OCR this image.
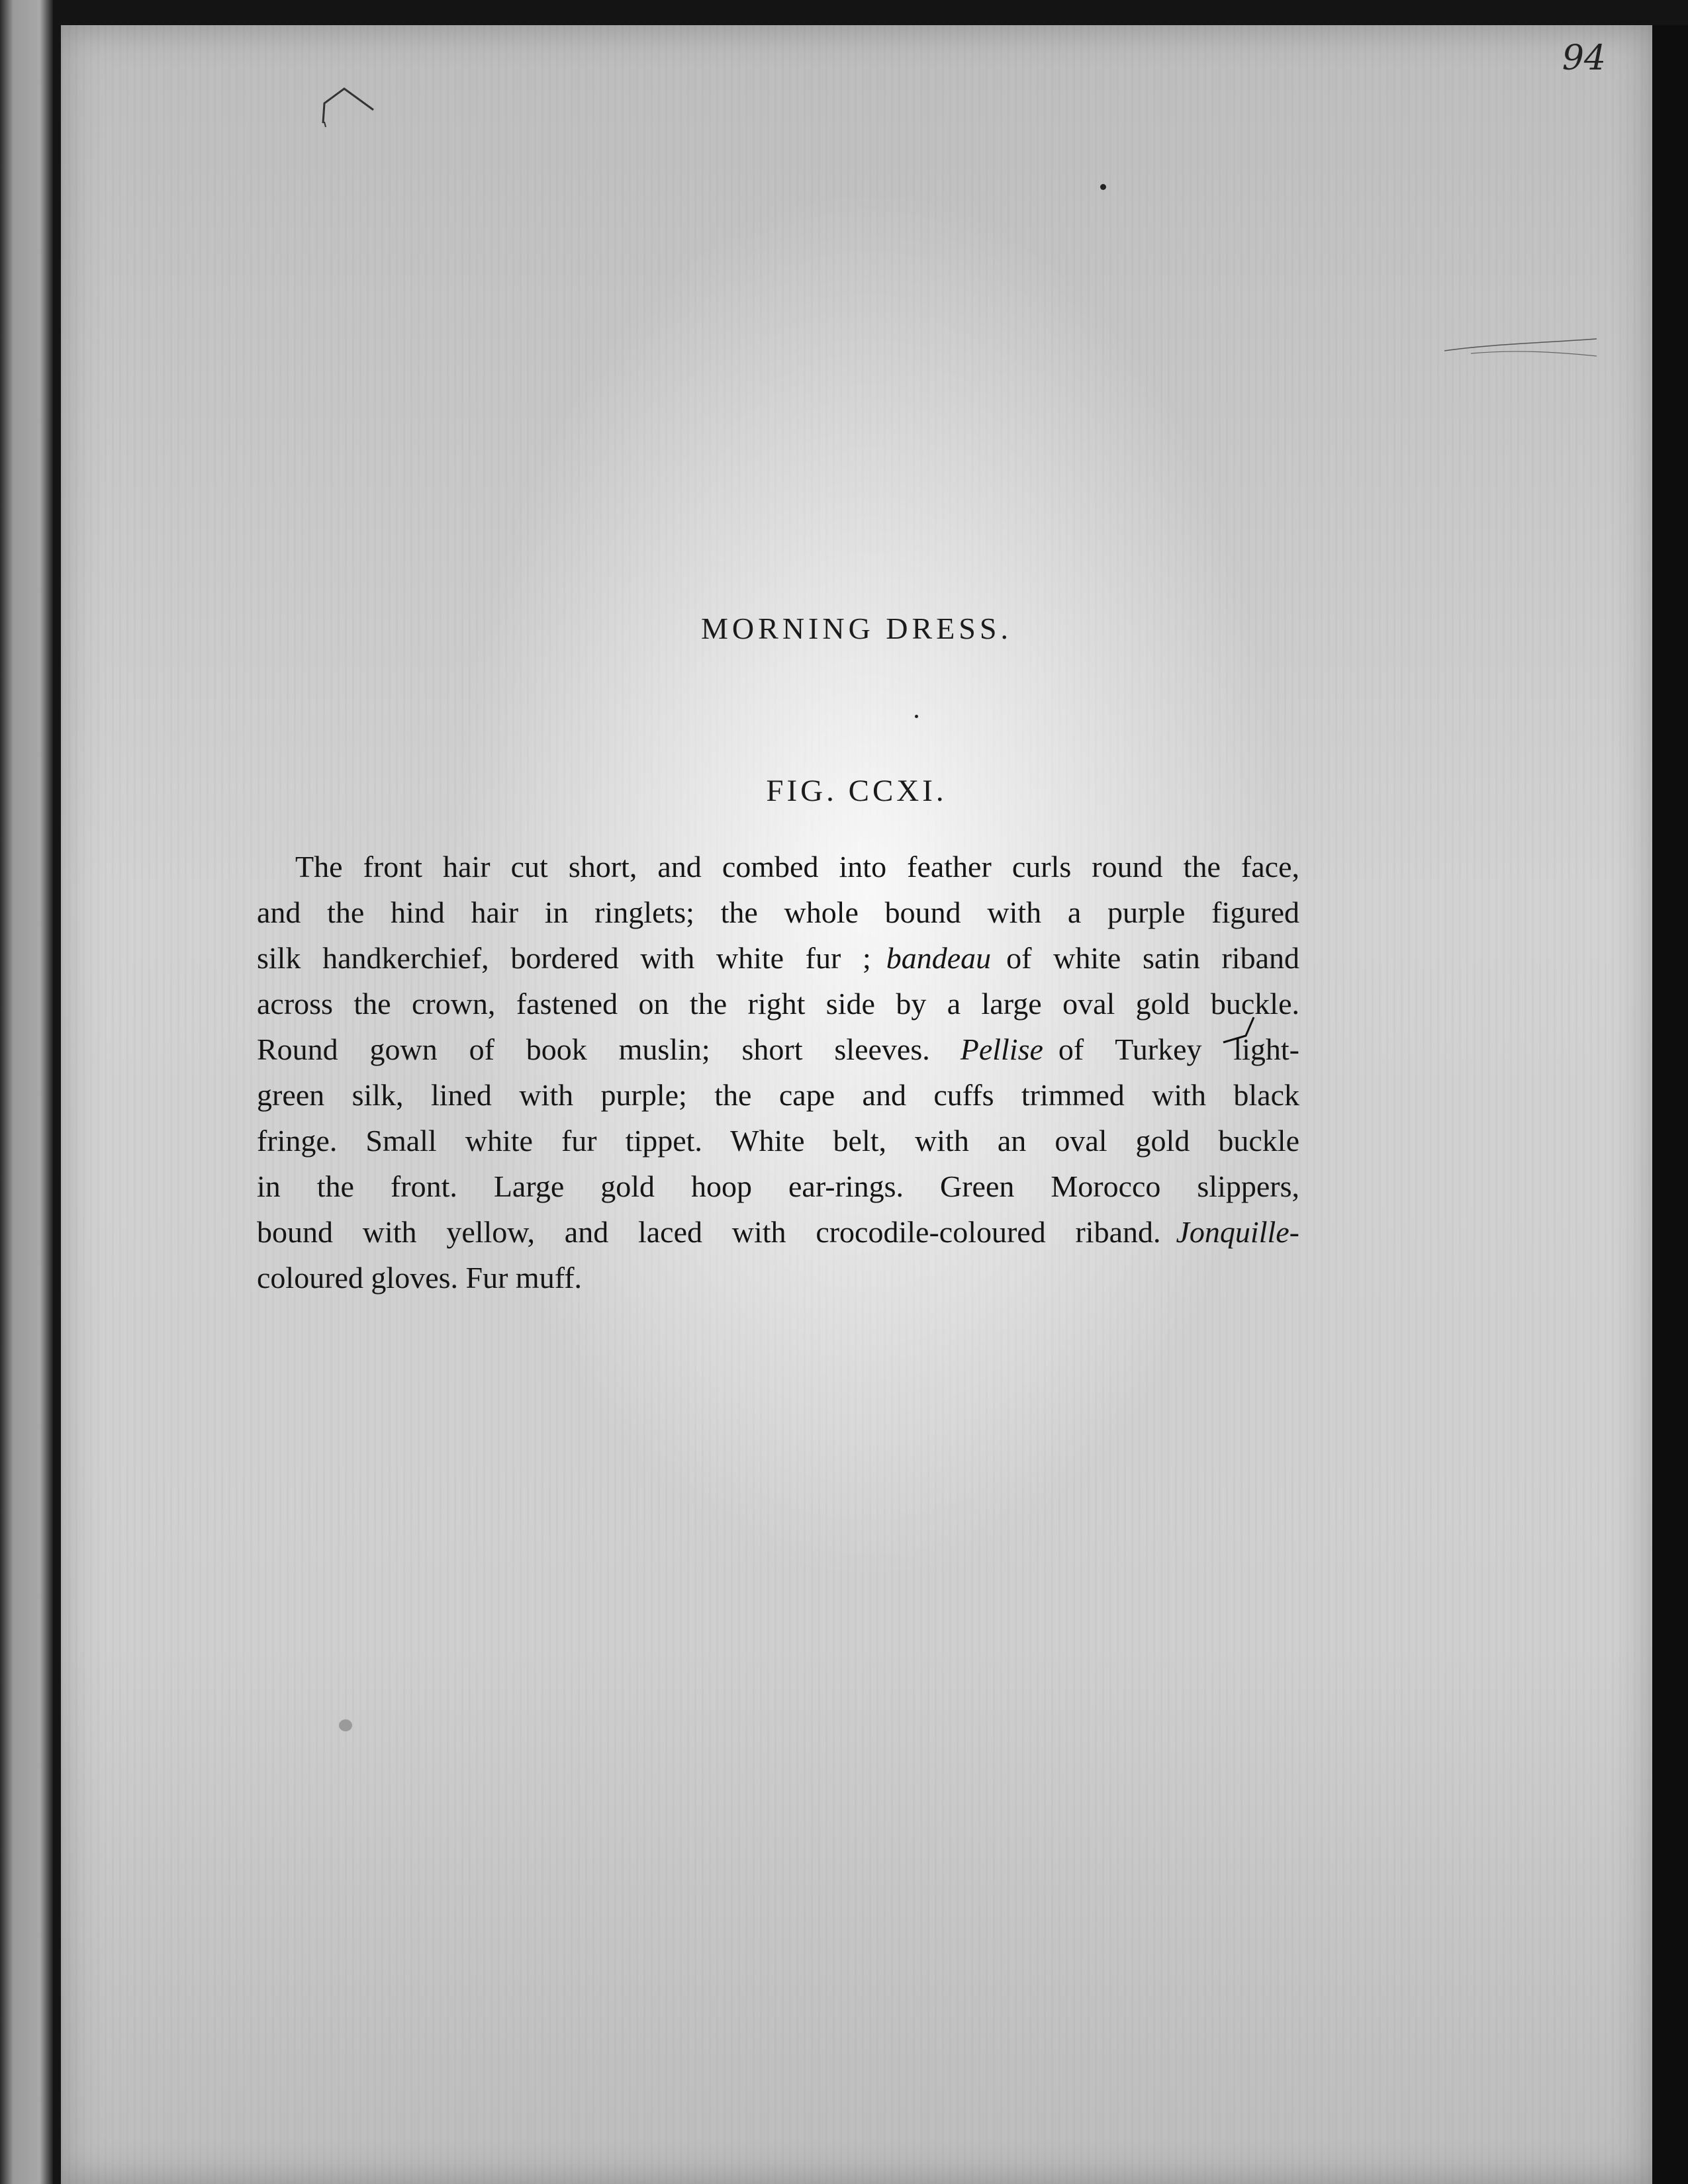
94
MORNING DRESS.
FIG. CCXI.
The front hair cut short, and combed into feather curls round the face,
and the hind hair in ringlets; the whole bound with a purple figured
silk handkerchief, bordered with white fur ; bandeau of white satin riband
across the crown, fastened on the right side by a large oval gold buckle.
Round gown of book muslin; short sleeves. Pellise of Turkey light-
green silk, lined with purple; the cape and cuffs trimmed with black
fringe. Small white fur tippet. White belt, with an oval gold buckle
in the front. Large gold hoop ear-rings. Green Morocco slippers,
bound with yellow, and laced with crocodile-coloured riband. Jonquille-
coloured gloves. Fur muff.
